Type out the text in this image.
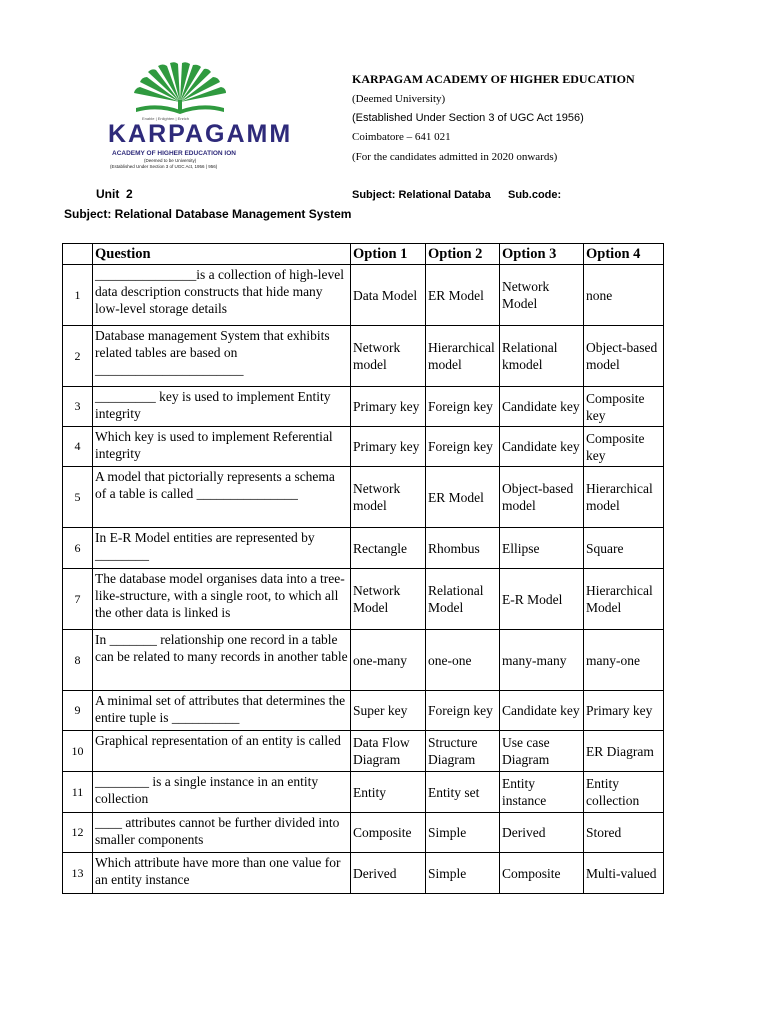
Enable | Enlighten | Enrich
KARPAGAMM
ACADEMY OF HIGHER EDUCATION ION
(Deemed to be University)
(Established Under Section 3 of UGC Act, 1956 | 956)
KARPAGAM ACADEMY OF HIGHER EDUCATION
(Deemed University)
(Established Under Section 3 of UGC Act 1956)
Coimbatore – 641 021
(For the candidates admitted in 2020 onwards)
Unit  2	Subject: Relational Databa Sub.code:
Subject: Relational Database Management System
	Question	Option 1	Option 2	Option 3	Option 4
1	_______________is a collection of high-level data description constructs that hide many low-level storage details	Data Model	ER Model	Network Model	none
2	Database management System that exhibits related tables are based on ______________________	Network model	Hierarchical model	Relational kmodel	Object-based model
3	_________ key is used to implement Entity integrity	Primary key	Foreign key	Candidate key	Composite key
4	Which key is used to implement Referential integrity	Primary key	Foreign key	Candidate key	Composite key
5	A model that pictorially represents a schema of a table is called _______________	Network model	ER Model	Object-based model	Hierarchical model
6	In E-R Model entities are represented by ________	Rectangle	Rhombus	Ellipse	Square
7	The database model organises data into a tree-like-structure, with a single root, to which all the other data is linked is	Network Model	Relational Model	E-R Model	Hierarchical Model
8	In _______ relationship one record in a table can be related to many records in another table	one-many	one-one	many-many	many-one
9	A minimal set of attributes that determines the entire tuple is __________	Super key	Foreign key	Candidate key	Primary key
10	Graphical representation of an entity is called	Data Flow Diagram	Structure Diagram	Use case Diagram	ER Diagram
11	________ is a single instance in an entity collection	Entity	Entity set	Entity instance	Entity collection
12	____ attributes cannot be further divided into smaller components	Composite	Simple	Derived	Stored
13	Which attribute have more than one value for an entity instance	Derived	Simple	Composite	Multi-valued
